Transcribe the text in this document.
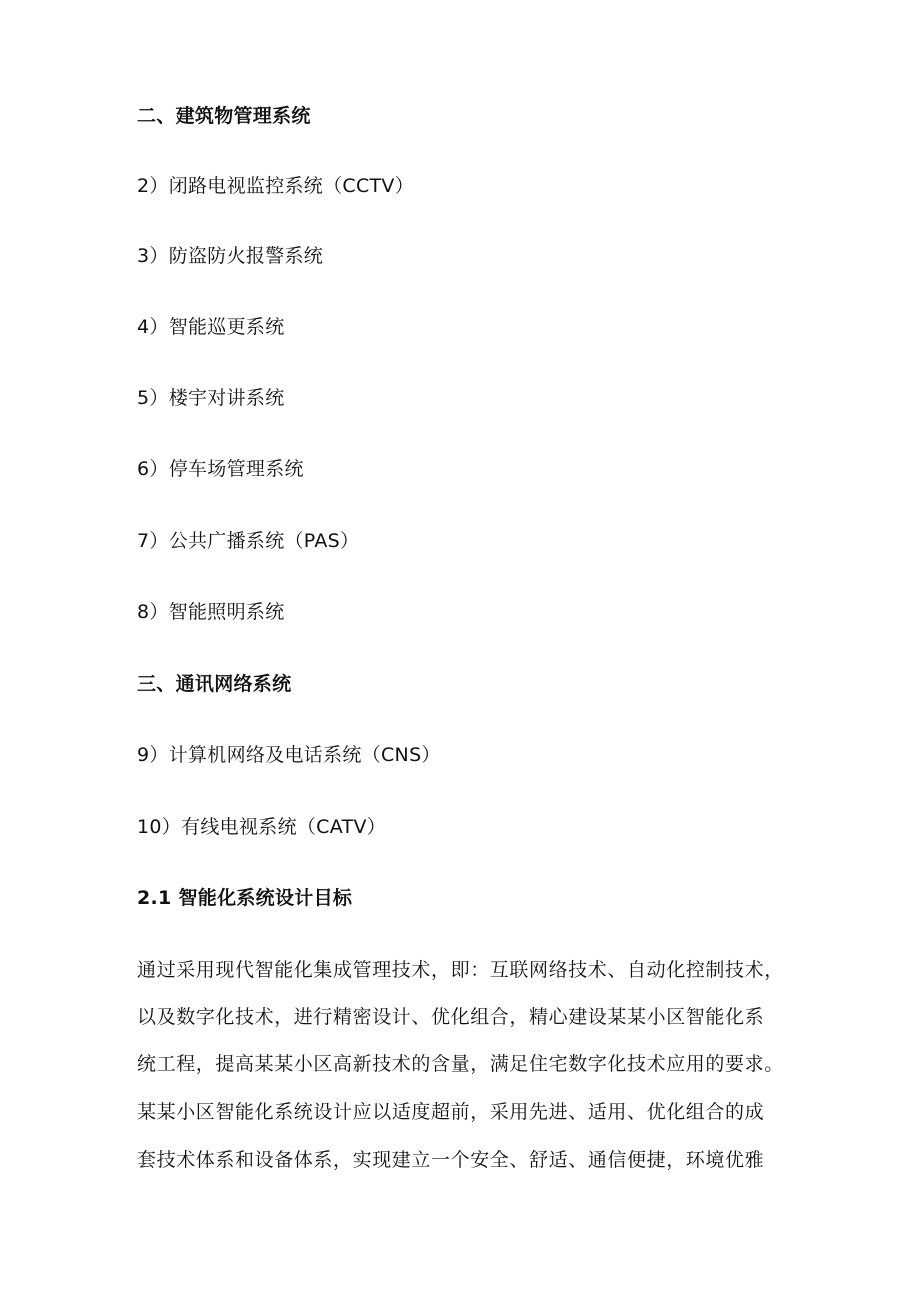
二、建筑物管理系统
2）闭路电视监控系统（CCTV）
3）防盗防火报警系统
4）智能巡更系统
5）楼宇对讲系统
6）停车场管理系统
7）公共广播系统（PAS）
8）智能照明系统
三、通讯网络系统
9）计算机网络及电话系统（CNS）
10）有线电视系统（CATV）
2.1 智能化系统设计目标
通过采用现代智能化集成管理技术，即：互联网络技术、自动化控制技术，
以及数字化技术，进行精密设计、优化组合，精心建设某某小区智能化系
统工程，提高某某小区高新技术的含量，满足住宅数字化技术应用的要求。
某某小区智能化系统设计应以适度超前，采用先进、适用、优化组合的成
套技术体系和设备体系，实现建立一个安全、舒适、通信便捷，环境优雅
